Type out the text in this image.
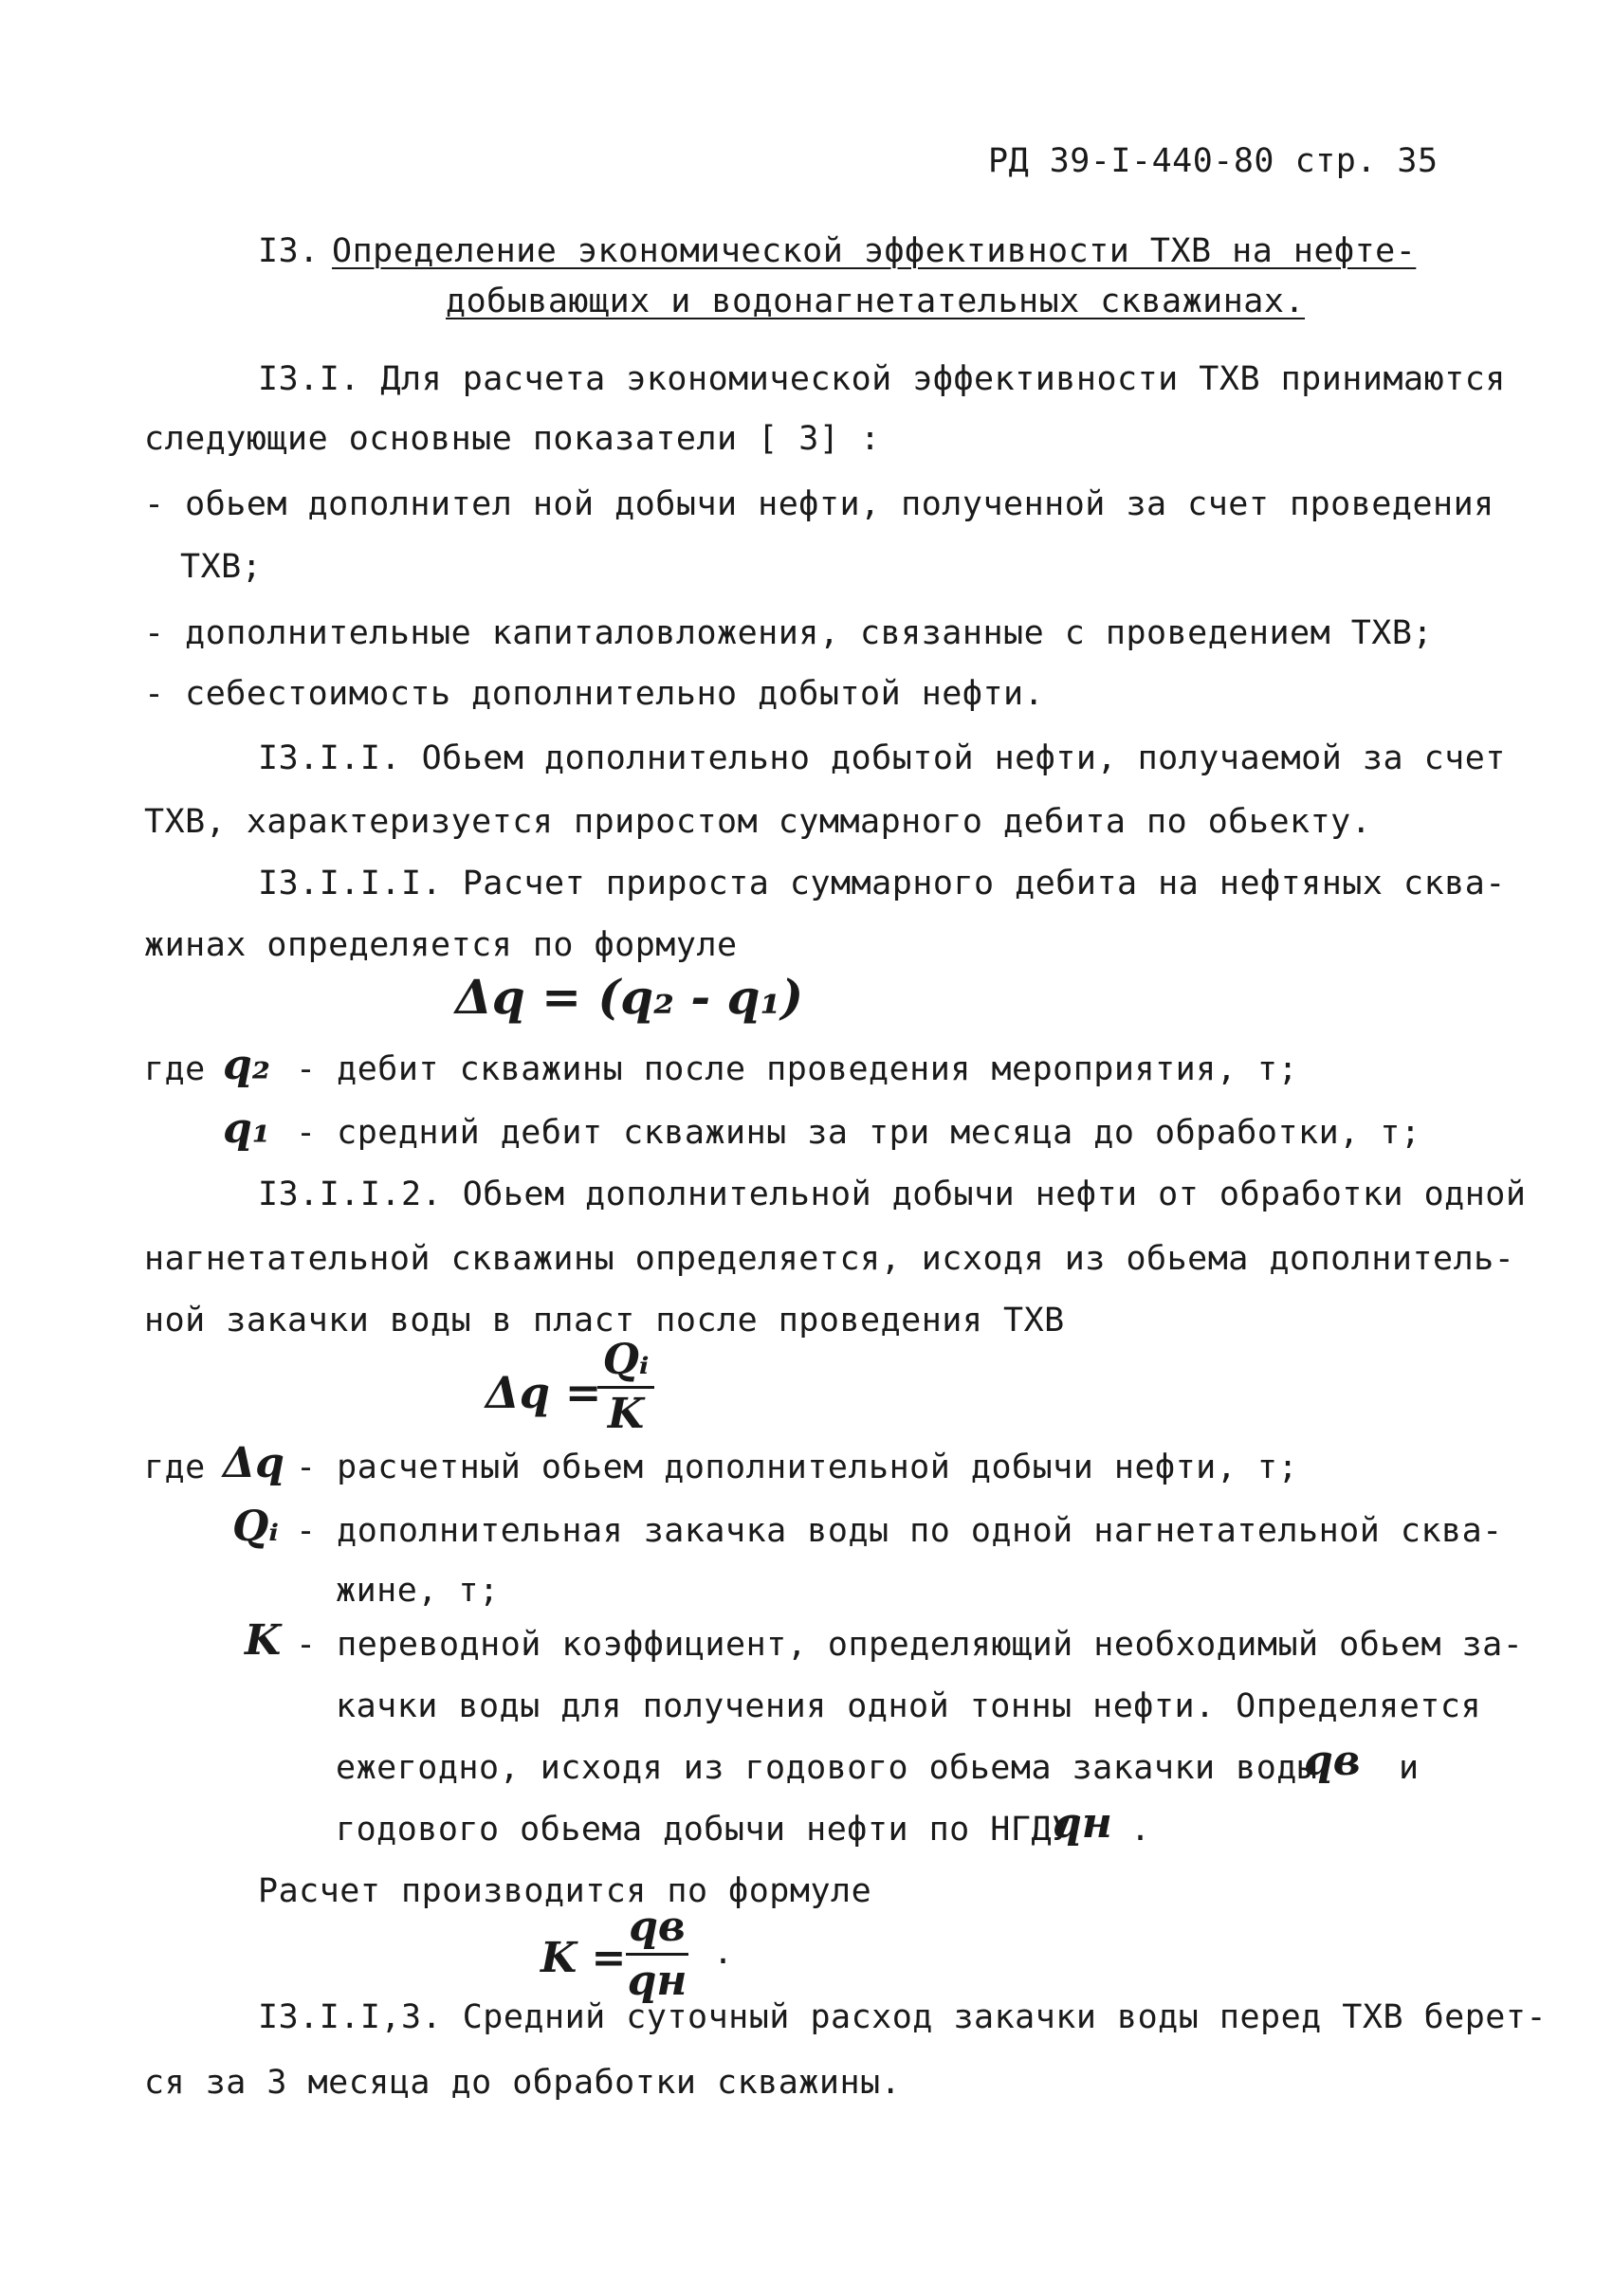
РД 39-I-440-80 стр. 35
I3. Определение экономической эффективности ТХВ на нефте-
добывающих и водонагнетательных скважинах.
I3.I. Для расчета экономической эффективности ТХВ принимаются
следующие основные показатели [ 3] :
- обьем дополнител ной добычи нефти, полученной за счет проведения
ТХВ;
- дополнительные капиталовложения, связанные с проведением ТХВ;
- себестоимость дополнительно добытой нефти.
I3.I.I. Обьем дополнительно добытой нефти, получаемой за счет
ТХВ, характеризуется приростом суммарного дебита по обьекту.
I3.I.I.I. Расчет прироста суммарного дебита на нефтяных сква-
жинах определяется по формуле
Δq = (q₂ - q₁)
где q₂ - дебит скважины после проведения мероприятия, т;
q₁ - средний дебит скважины за три месяца до обработки, т;
I3.I.I.2. Обьем дополнительной добычи нефти от обработки одной
нагнетательной скважины определяется, исходя из обьема дополнитель-
ной закачки воды в пласт после проведения ТХВ
Δq =
Qᵢ
K
где Δq - расчетный обьем дополнительной добычи нефти, т;
Qᵢ - дополнительная закачка воды по одной нагнетательной сква-
жине, т;
K - переводной коэффициент, определяющий необходимый обьем за-
качки воды для получения одной тонны нефти. Определяется
ежегодно, исходя из годового обьема закачки воды
qв и
годового обьема добычи нефти по НГДУ
qн .
Расчет производится по формуле
K =
qв
qн
.
I3.I.I,3. Средний суточный расход закачки воды перед ТХВ берет-
ся за 3 месяца до обработки скважины.
